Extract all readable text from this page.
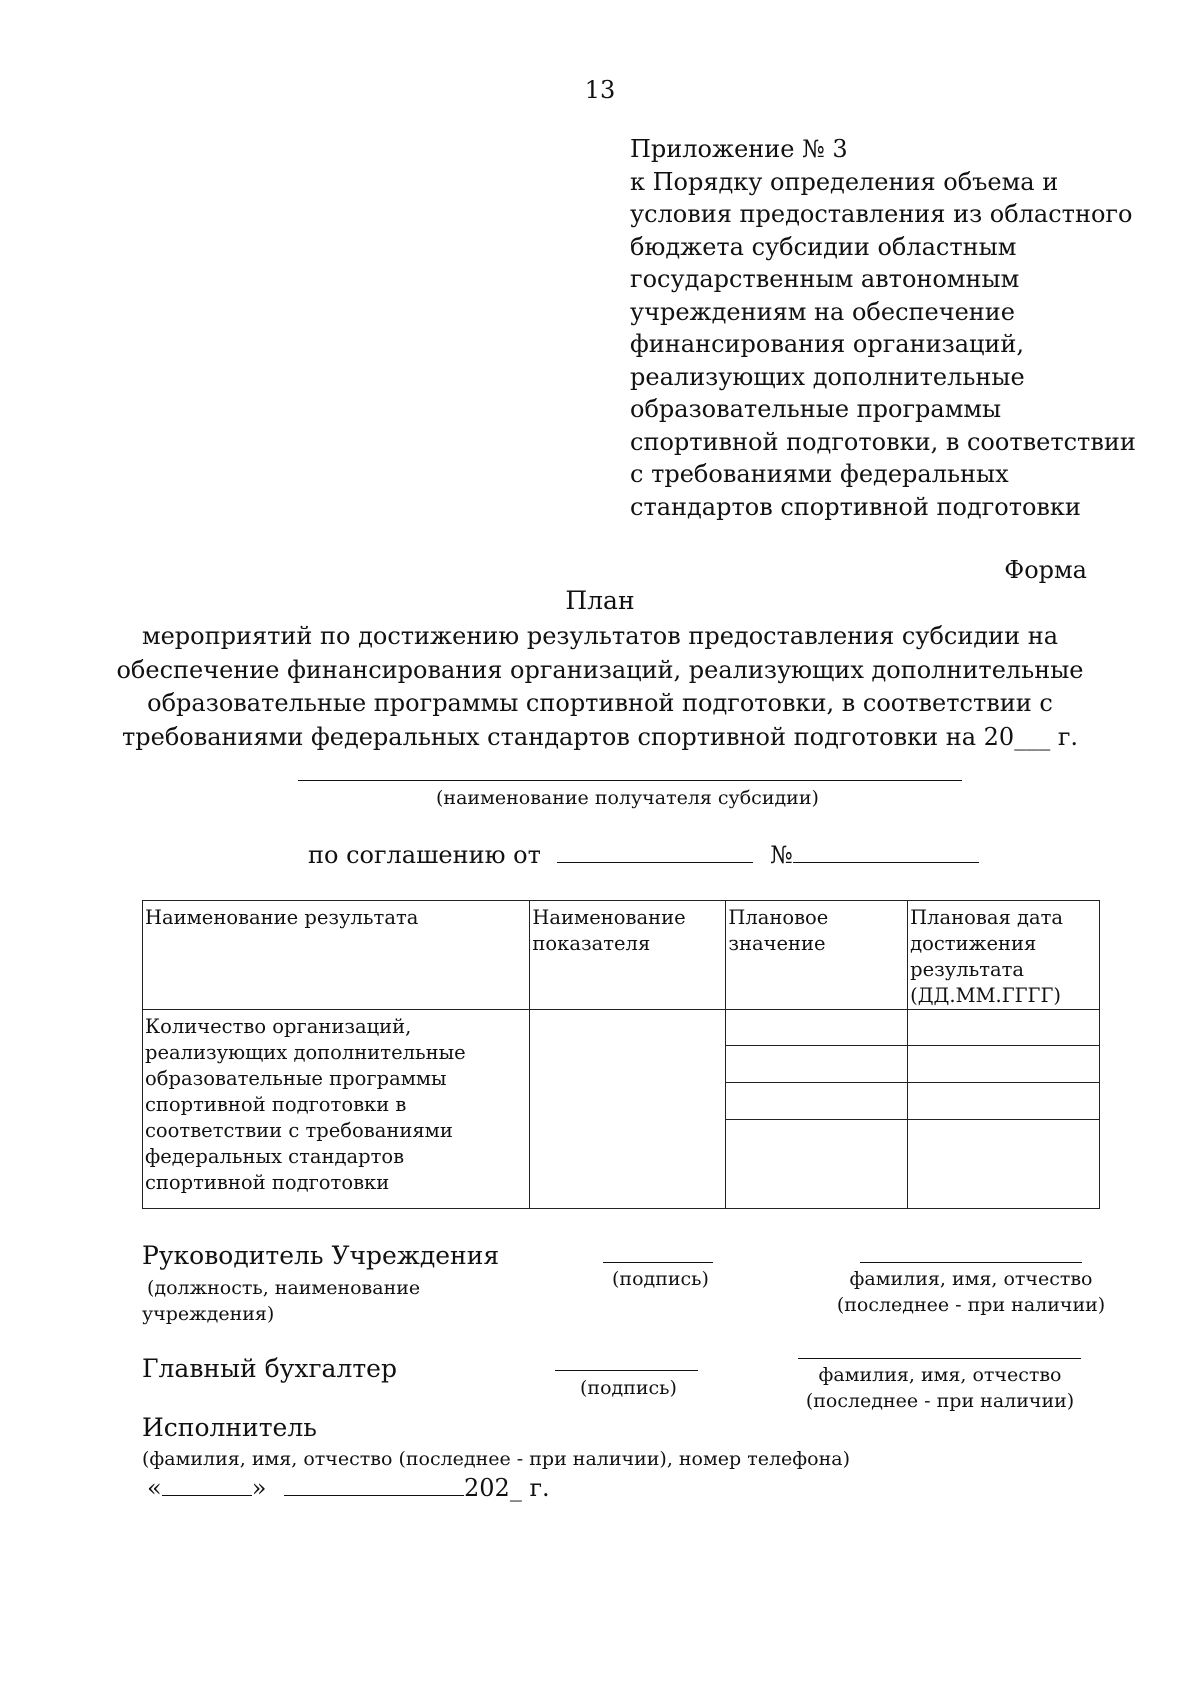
13
Приложение № 3
к Порядку определения объема и
условия предоставления из областного
бюджета субсидии областным
государственным автономным
учреждениям на обеспечение
финансирования организаций,
реализующих дополнительные
образовательные программы
спортивной подготовки, в соответствии
с требованиями федеральных
стандартов спортивной подготовки
Форма
План
мероприятий по достижению результатов предоставления субсидии на
обеспечение финансирования организаций, реализующих дополнительные
образовательные программы спортивной подготовки, в соответствии с
требованиями федеральных стандартов спортивной подготовки на 20___ г.
(наименование получателя субсидии)
по соглашению от	№
Наименование результата	Наименование показателя	Плановое значение	Плановая дата достижения результата (ДД.ММ.ГГГГ)
Количество организаций, реализующих дополнительные образовательные программы спортивной подготовки в соответствии с требованиями федеральных стандартов спортивной подготовки			

Руководитель Учреждения
(должность, наименование
учреждения)
(подпись)	фамилия, имя, отчество
(последнее - при наличии)
Главный бухгалтер
(подпись)
фамилия, имя, отчество
(последнее - при наличии)
Исполнитель
(фамилия, имя, отчество (последнее - при наличии), номер телефона)
«	»	202_ г.
